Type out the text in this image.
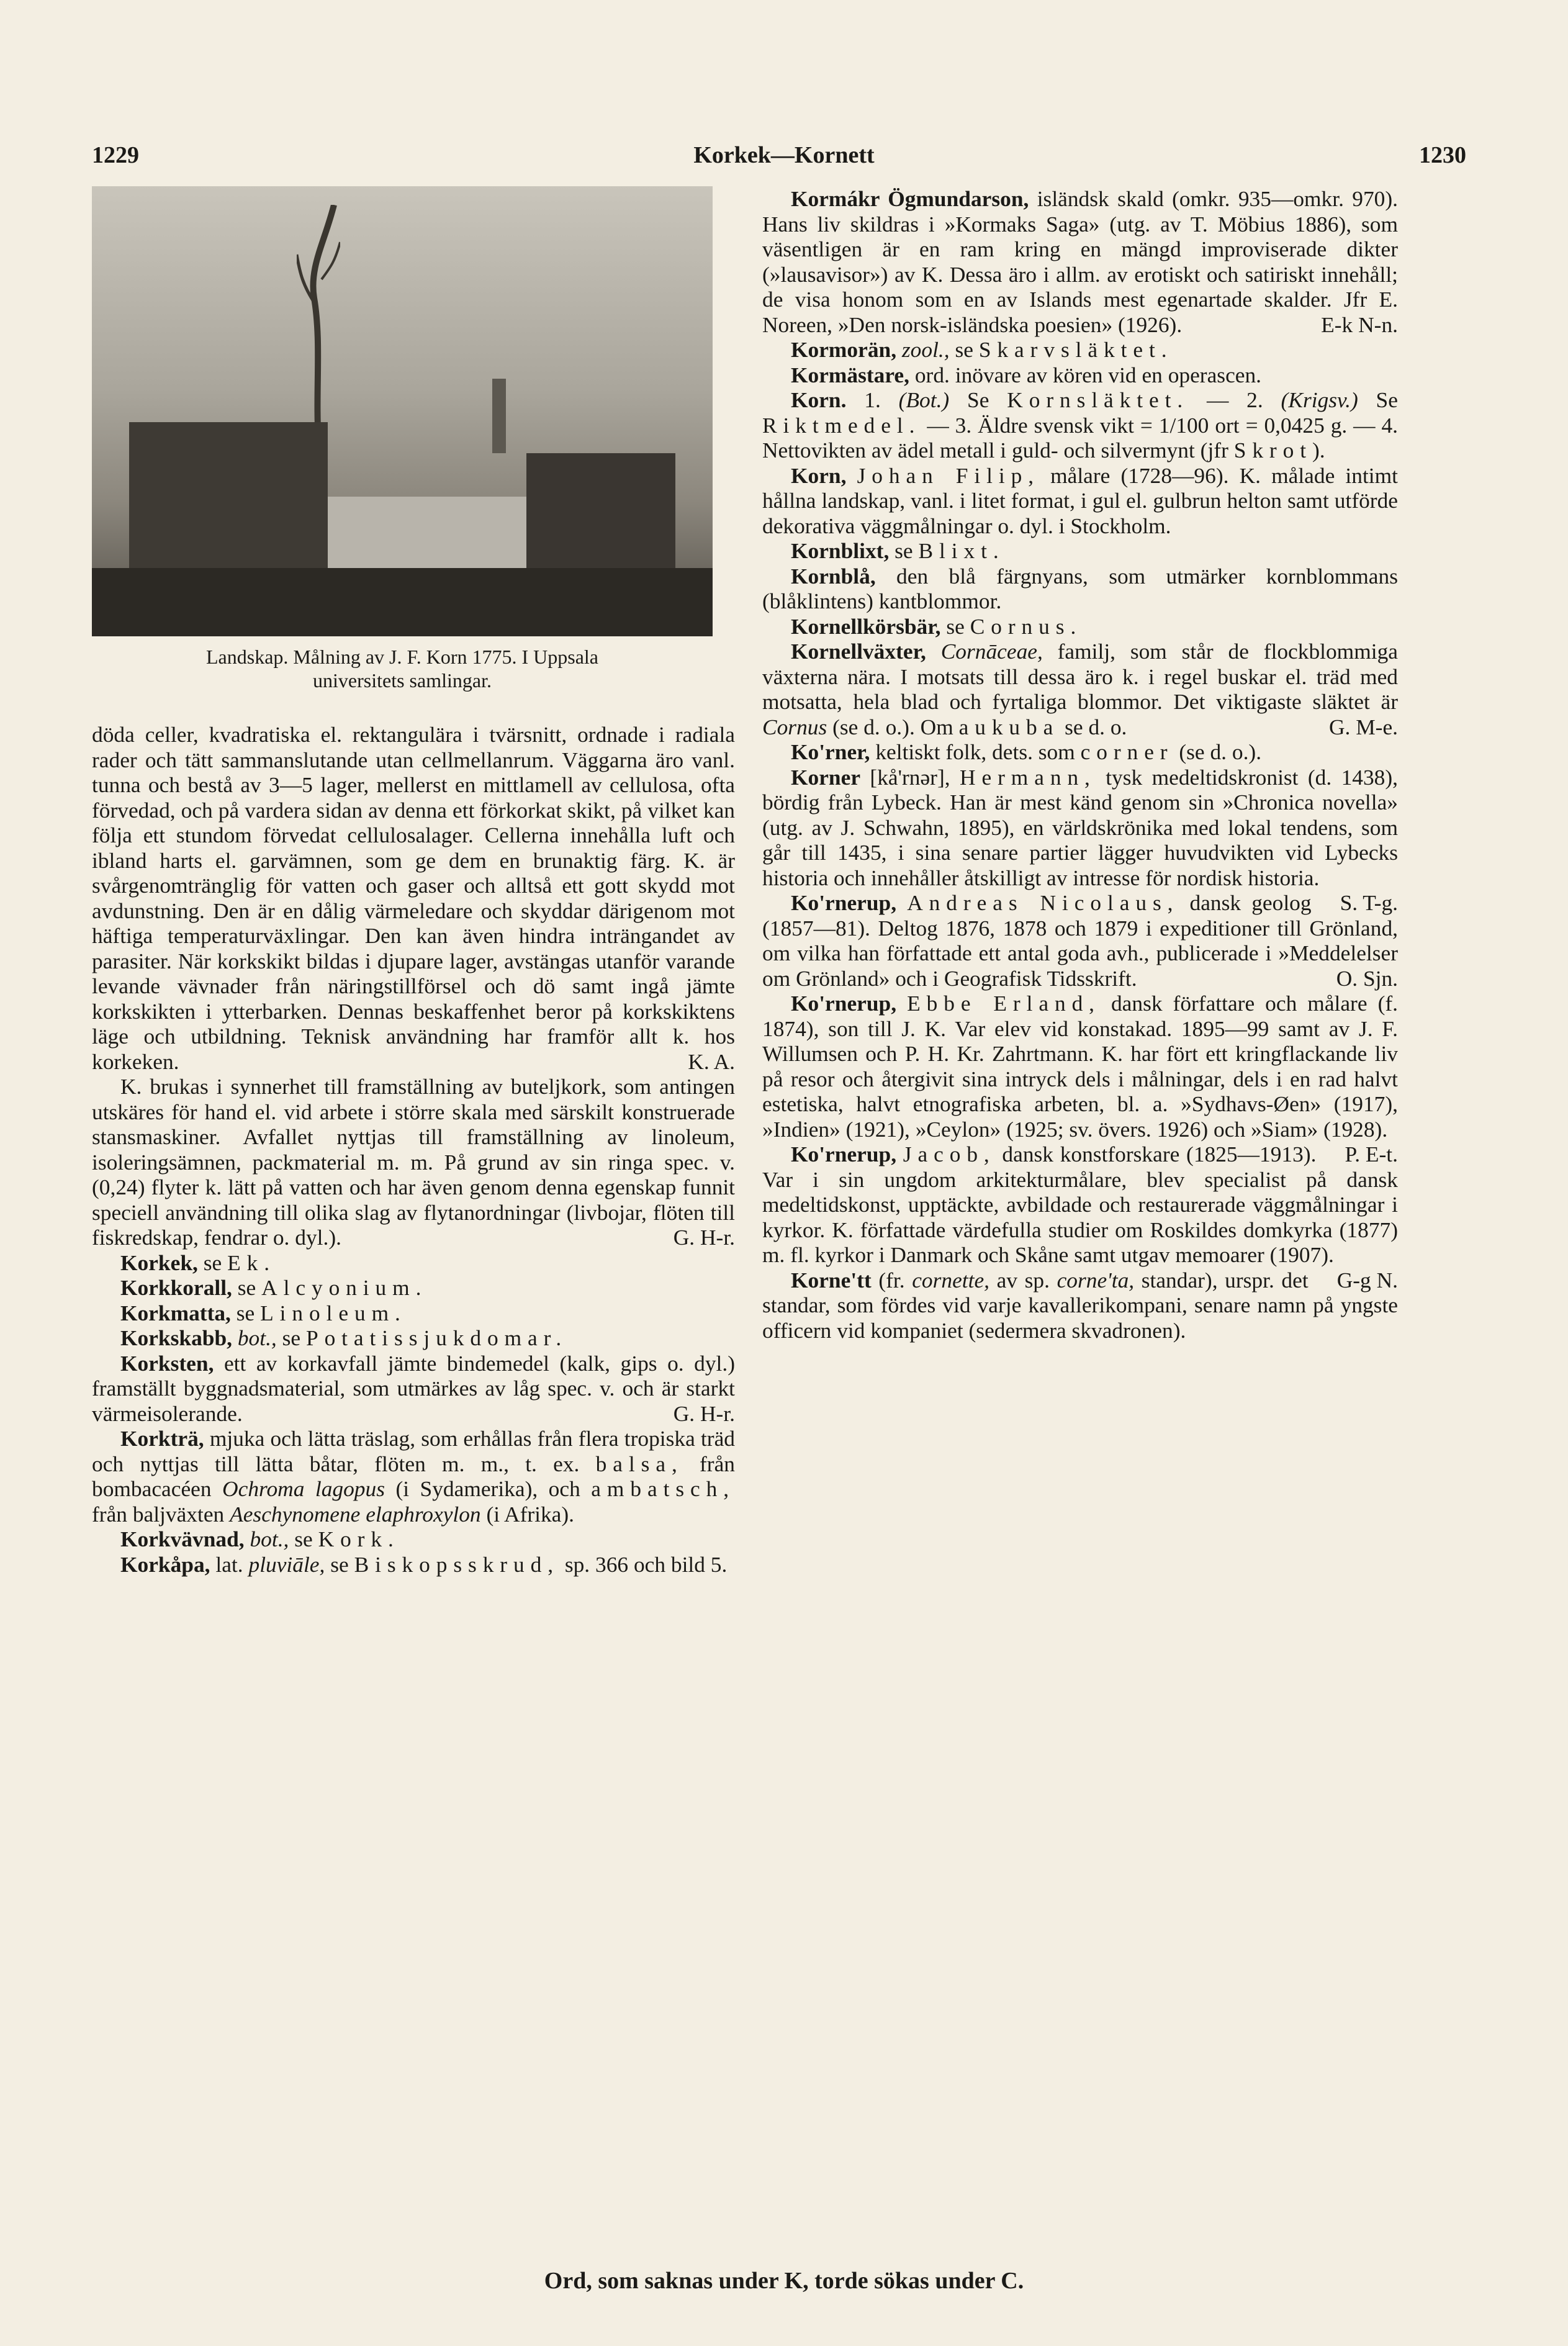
1229	Korkek—Kornett	1230
Landskap. Målning av J. F. Korn 1775. I Uppsala
universitets samlingar.

döda celler, kvadratiska el. rektangulära i tvärsnitt, ordnade i radiala rader och tätt sammanslutande utan cellmellanrum. Väggarna äro vanl. tunna och bestå av 3—5 lager, mellerst en mittlamell av cellulosa, ofta förvedad, och på vardera sidan av denna ett förkorkat skikt, på vilket kan följa ett stundom förvedat cellulosalager. Cellerna innehålla luft och ibland harts el. garvämnen, som ge dem en brunaktig färg. K. är svårgenomtränglig för vatten och gaser och alltså ett gott skydd mot avdunstning. Den är en dålig värmeledare och skyddar därigenom mot häftiga temperaturväxlingar. Den kan även hindra inträngandet av parasiter. När korkskikt bildas i djupare lager, avstängas utanför varande levande vävnader från näringstillförsel och dö samt ingå jämte korkskikten i ytterbarken. Dennas beskaffenhet beror på korkskiktens läge och utbildning. Teknisk användning har framför allt k. hos korkeken.	K. A.

K. brukas i synnerhet till framställning av buteljkork, som antingen utskäres för hand el. vid arbete i större skala med särskilt konstruerade stansmaskiner. Avfallet nyttjas till framställning av linoleum, isoleringsämnen, packmaterial m. m. På grund av sin ringa spec. v. (0,24) flyter k. lätt på vatten och har även genom denna egenskap funnit speciell användning till olika slag av flytanordningar (livbojar, flöten till fiskredskap, fendrar o. dyl.).	G. H-r.

Korkek, se Ek.

Korkkorall, se Alcyonium.

Korkmatta, se Linoleum.

Korkskabb, bot., se Potatissjukdomar.

Korksten, ett av korkavfall jämte bindemedel (kalk, gips o. dyl.) framställt byggnadsmaterial, som utmärkes av låg spec. v. och är starkt värmeisolerande.	G. H-r.

Korkträ, mjuka och lätta träslag, som erhållas från flera tropiska träd och nyttjas till lätta båtar, flöten m. m., t. ex. balsa, från bombacacéen Ochroma lagopus (i Sydamerika), och ambatsch, från baljväxten Aeschynomene elaphroxylon (i Afrika).

Korkvävnad, bot., se Kork.

Korkåpa, lat. pluviāle, se Biskopsskrud, sp. 366 och bild 5.

Kormákr Ögmundarson, isländsk skald (omkr. 935—omkr. 970). Hans liv skildras i »Kormaks Saga» (utg. av T. Möbius 1886), som väsentligen är en ram kring en mängd improviserade dikter (»lausavisor») av K. Dessa äro i allm. av erotiskt och satiriskt innehåll; de visa honom som en av Islands mest egenartade skalder. Jfr E. Noreen, »Den norsk-isländska poesien» (1926).	E-k N-n.

Kormorän, zool., se Skarvsläktet.

Kormästare, ord. inövare av kören vid en operascen.

Korn. 1. (Bot.) Se Kornsläktet. — 2. (Krigsv.) Se Riktmedel. — 3. Äldre svensk vikt = 1/100 ort = 0,0425 g. — 4. Nettovikten av ädel metall i guld- och silvermynt (jfr Skrot).

Korn, Johan Filip, målare (1728—96). K. målade intimt hållna landskap, vanl. i litet format, i gul el. gulbrun helton samt utförde dekorativa väggmålningar o. dyl. i Stockholm.

Kornblixt, se Blixt.

Kornblå, den blå färgnyans, som utmärker kornblommans (blåklintens) kantblommor.

Kornellkörsbär, se Cornus.

Kornellväxter, Cornāceae, familj, som står de flockblommiga växterna nära. I motsats till dessa äro k. i regel buskar el. träd med motsatta, hela blad och fyrtaliga blommor. Det viktigaste släktet är Cornus (se d. o.). Om aukuba se d. o.	G. M-e.

Ko'rner, keltiskt folk, dets. som corner (se d. o.).

Korner [kå'rnər], Hermann, tysk medeltidskronist (d. 1438), bördig från Lybeck. Han är mest känd genom sin »Chronica novella» (utg. av J. Schwahn, 1895), en världskrönika med lokal tendens, som går till 1435, i sina senare partier lägger huvudvikten vid Lybecks historia och innehåller åtskilligt av intresse för nordisk historia.
S. T-g.

Ko'rnerup, Andreas Nicolaus, dansk geolog (1857—81). Deltog 1876, 1878 och 1879 i expeditioner till Grönland, om vilka han författade ett antal goda avh., publicerade i »Meddelelser om Grönland» och i Geografisk Tidsskrift.	O. Sjn.

Ko'rnerup, Ebbe Erland, dansk författare och målare (f. 1874), son till J. K. Var elev vid konstakad. 1895—99 samt av J. F. Willumsen och P. H. Kr. Zahrtmann. K. har fört ett kringflackande liv på resor och återgivit sina intryck dels i målningar, dels i en rad halvt estetiska, halvt etnografiska arbeten, bl. a. »Sydhavs-Øen» (1917), »Indien» (1921), »Ceylon» (1925; sv. övers. 1926) och »Siam» (1928).
P. E-t.

Ko'rnerup, Jacob, dansk konstforskare (1825—1913). Var i sin ungdom arkitekturmålare, blev specialist på dansk medeltidskonst, upptäckte, avbildade och restaurerade väggmålningar i kyrkor. K. författade värdefulla studier om Roskildes domkyrka (1877) m. fl. kyrkor i Danmark och Skåne samt utgav memoarer (1907).
G-g N.

Korne'tt (fr. cornette, av sp. corne'ta, standar), urspr. det standar, som fördes vid varje kavallerikompani, senare namn på yngste officern vid kompaniet (sedermera skvadronen).

Ord, som saknas under K, torde sökas under C.
